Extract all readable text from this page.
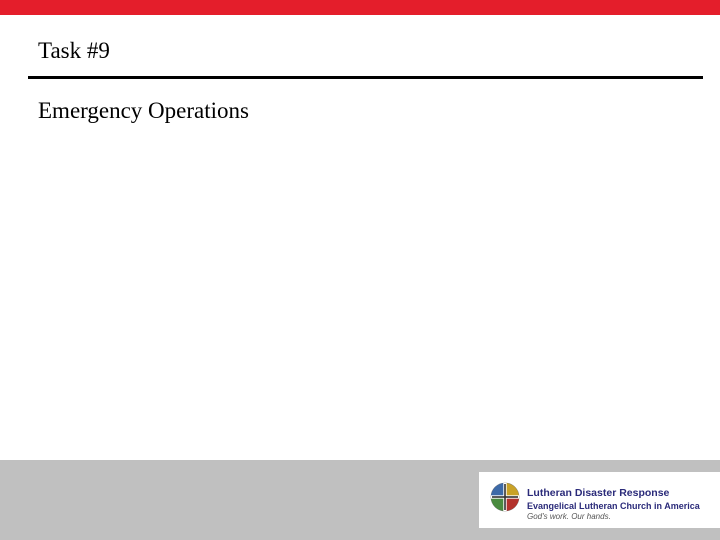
Task #9
Emergency Operations
Lutheran Disaster Response
Evangelical Lutheran Church in America
God's work. Our hands.
